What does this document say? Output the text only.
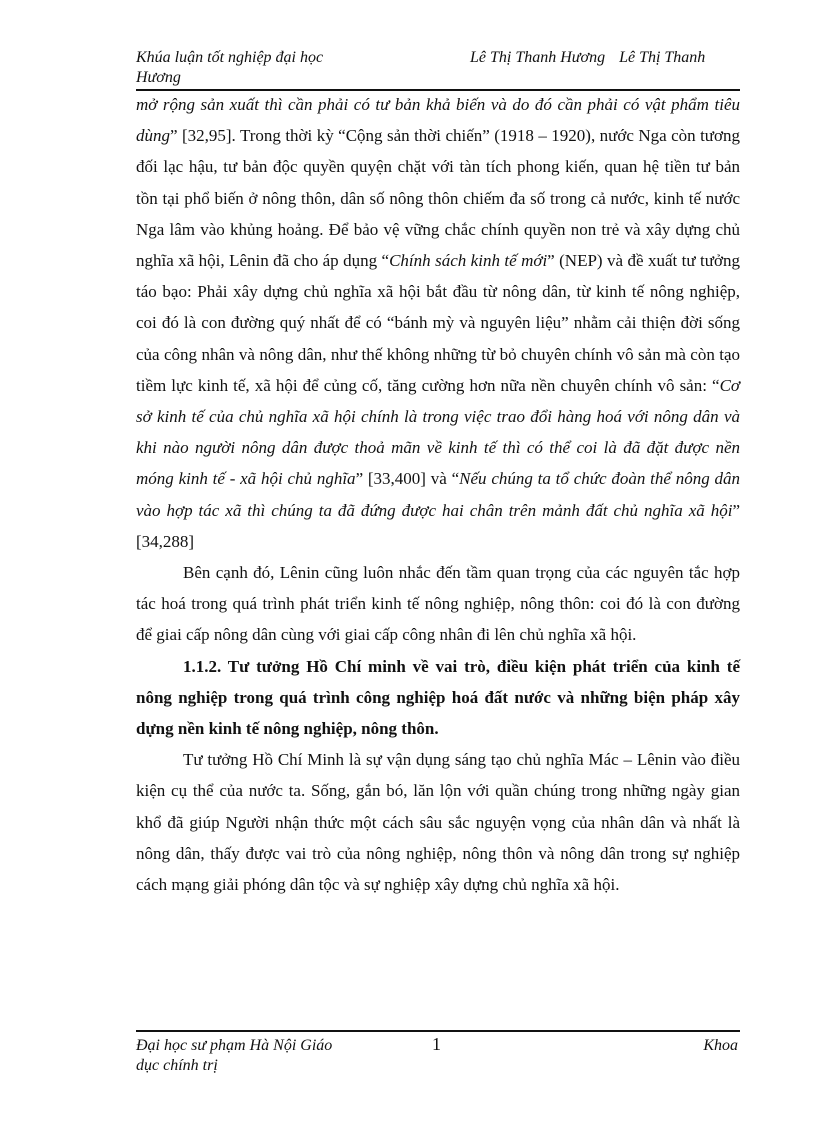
Khúa luận tốt nghiệp đại học Hương
Lê Thị Thanh Hương Lê Thị Thanh

mở rộng sản xuất thì cần phải có tư bản khả biến và do đó cần phải có vật phẩm tiêu dùng” [32,95]. Trong thời kỳ “Cộng sản thời chiến” (1918 – 1920), nước Nga còn tương đối lạc hậu, tư bản độc quyền quyện chặt với tàn tích phong kiến, quan hệ tiền tư bản tồn tại phổ biến ở nông thôn, dân số nông thôn chiếm đa số trong cả nước, kinh tế nước Nga lâm vào khủng hoảng. Để bảo vệ vững chắc chính quyền non trẻ và xây dựng chủ nghĩa xã hội, Lênin đã cho áp dụng “Chính sách kinh tế mới” (NEP) và đề xuất tư tưởng táo bạo: Phải xây dựng chủ nghĩa xã hội bắt đầu từ nông dân, từ kinh tế nông nghiệp, coi đó là con đường quý nhất để có “bánh mỳ và nguyên liệu” nhằm cải thiện đời sống của công nhân và nông dân, như thế không những từ bỏ chuyên chính vô sản mà còn tạo tiềm lực kinh tế, xã hội để củng cố, tăng cường hơn nữa nền chuyên chính vô sản: “Cơ sở kinh tế của chủ nghĩa xã hội chính là trong việc trao đổi hàng hoá với nông dân và khi nào người nông dân được thoả mãn về kinh tế thì có thể coi là đã đặt được nền móng kinh tế - xã hội chủ nghĩa” [33,400] và “Nếu chúng ta tổ chức đoàn thể nông dân vào hợp tác xã thì chúng ta đã đứng được hai chân trên mảnh đất chủ nghĩa xã hội” [34,288]

Bên cạnh đó, Lênin cũng luôn nhắc đến tầm quan trọng của các nguyên tắc hợp tác hoá trong quá trình phát triển kinh tế nông nghiệp, nông thôn: coi đó là con đường để giai cấp nông dân cùng với giai cấp công nhân đi lên chủ nghĩa xã hội.

1.1.2. Tư tưởng Hồ Chí minh về vai trò, điều kiện phát triển của kinh tế nông nghiệp trong quá trình công nghiệp hoá đất nước và những biện pháp xây dựng nền kinh tế nông nghiệp, nông thôn.

Tư tưởng Hồ Chí Minh là sự vận dụng sáng tạo chủ nghĩa Mác – Lênin vào điều kiện cụ thể của nước ta. Sống, gắn bó, lăn lộn với quần chúng trong những ngày gian khổ đã giúp Người nhận thức một cách sâu sắc nguyện vọng của nhân dân và nhất là nông dân, thấy được vai trò của nông nghiệp, nông thôn và nông dân trong sự nghiệp cách mạng giải phóng dân tộc và sự nghiệp xây dựng chủ nghĩa xã hội.

Đại học sư phạm Hà Nội Giáo dục chính trị
1	Khoa
